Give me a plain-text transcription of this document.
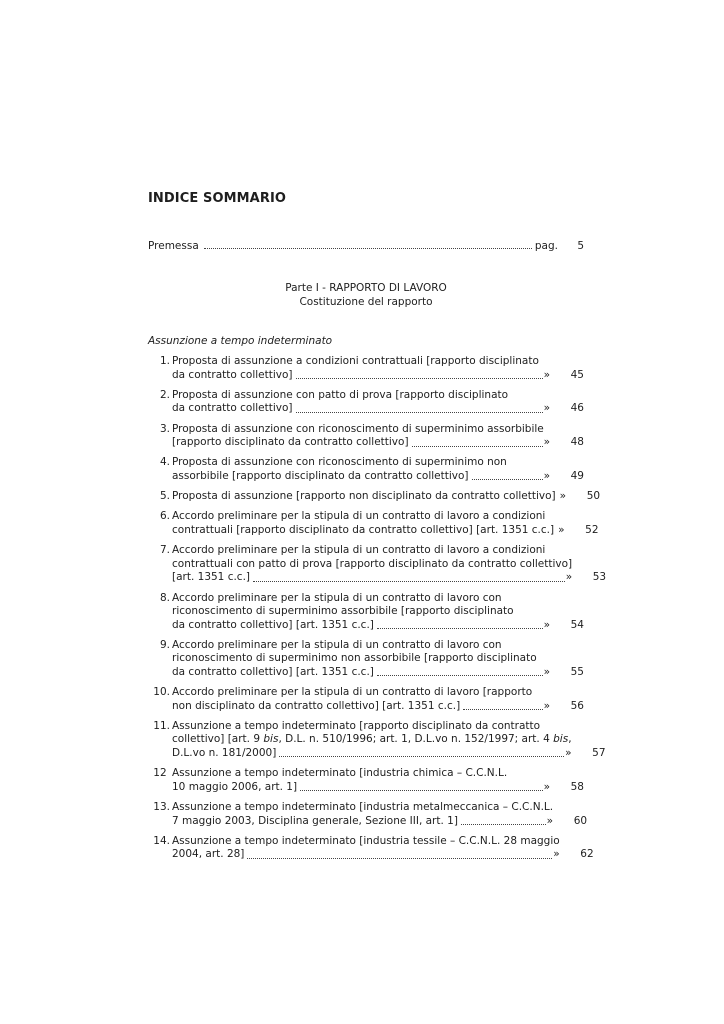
INDICE SOMMARIO
Premessa	pag.	5
Parte I - RAPPORTO DI LAVORO
Costituzione del rapporto
Assunzione a tempo indeterminato
1. Proposta di assunzione a condizioni contrattuali [rapporto disciplinato
da contratto collettivo]	»	45
2. Proposta di assunzione con patto di prova [rapporto disciplinato
da contratto collettivo]	»	46
3. Proposta di assunzione con riconoscimento di superminimo assorbibile
[rapporto disciplinato da contratto collettivo]	»	48
4. Proposta di assunzione con riconoscimento di superminimo non
assorbibile [rapporto disciplinato da contratto collettivo]	»	49
5. Proposta di assunzione [rapporto non disciplinato da contratto collettivo] »	50
6. Accordo preliminare per la stipula di un contratto di lavoro a condizioni
contrattuali [rapporto disciplinato da contratto collettivo] [art. 1351 c.c.] »	52
7. Accordo preliminare per la stipula di un contratto di lavoro a condizioni
contrattuali con patto di prova [rapporto disciplinato da contratto collettivo]
[art. 1351 c.c.]	»	53
8. Accordo preliminare per la stipula di un contratto di lavoro con
riconoscimento di superminimo assorbibile [rapporto disciplinato
da contratto collettivo] [art. 1351 c.c.]	»	54
9. Accordo preliminare per la stipula di un contratto di lavoro con
riconoscimento di superminimo non assorbibile [rapporto disciplinato
da contratto collettivo] [art. 1351 c.c.]	»	55
10. Accordo preliminare per la stipula di un contratto di lavoro [rapporto
non disciplinato da contratto collettivo] [art. 1351 c.c.]	»	56
11. Assunzione a tempo indeterminato [rapporto disciplinato da contratto
collettivo] [art. 9 bis, D.L. n. 510/1996; art. 1, D.L.vo n. 152/1997; art. 4 bis,
D.L.vo n. 181/2000]	»	57
12 Assunzione a tempo indeterminato [industria chimica – C.C.N.L.
10 maggio 2006, art. 1]	»	58
13. Assunzione a tempo indeterminato [industria metalmeccanica – C.C.N.L.
7 maggio 2003, Disciplina generale, Sezione III, art. 1]	»	60
14. Assunzione a tempo indeterminato [industria tessile – C.C.N.L. 28 maggio
2004, art. 28]	»	62
